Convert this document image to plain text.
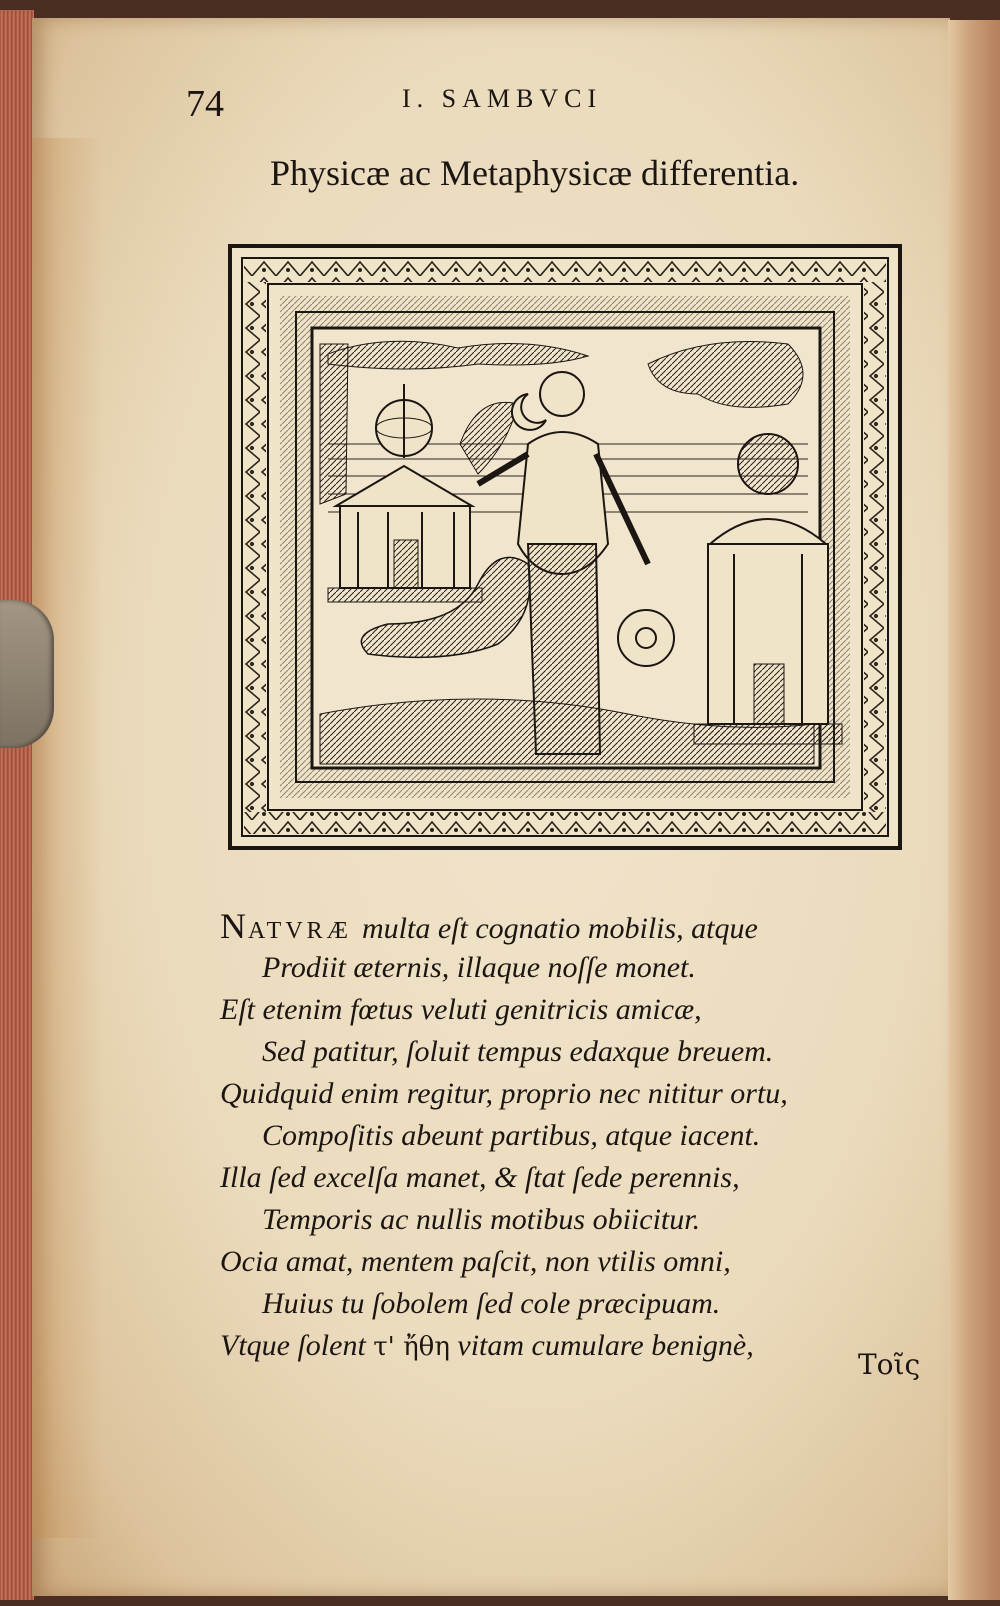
74	I. SAMBVCI
Physicæ ac Metaphysicæ differentia.
NATVRÆ multa eſt cognatio mobilis, atque
Prodiit æternis, illaque noſſe monet.
Eſt etenim fœtus veluti genitricis amicæ,
Sed patitur, ſoluit tempus edaxque breuem.
Quidquid enim regitur, proprio nec nititur ortu,
Compoſitis abeunt partibus, atque iacent.
Illa ſed excelſa manet, & ſtat ſede perennis,
Temporis ac nullis motibus obiicitur.
Ocia amat, mentem paſcit, non vtilis omni,
Huius tu ſobolem ſed cole præcipuam.
Vtque ſolent τ' ἤθη vitam cumulare benignè,
Τοῖς
